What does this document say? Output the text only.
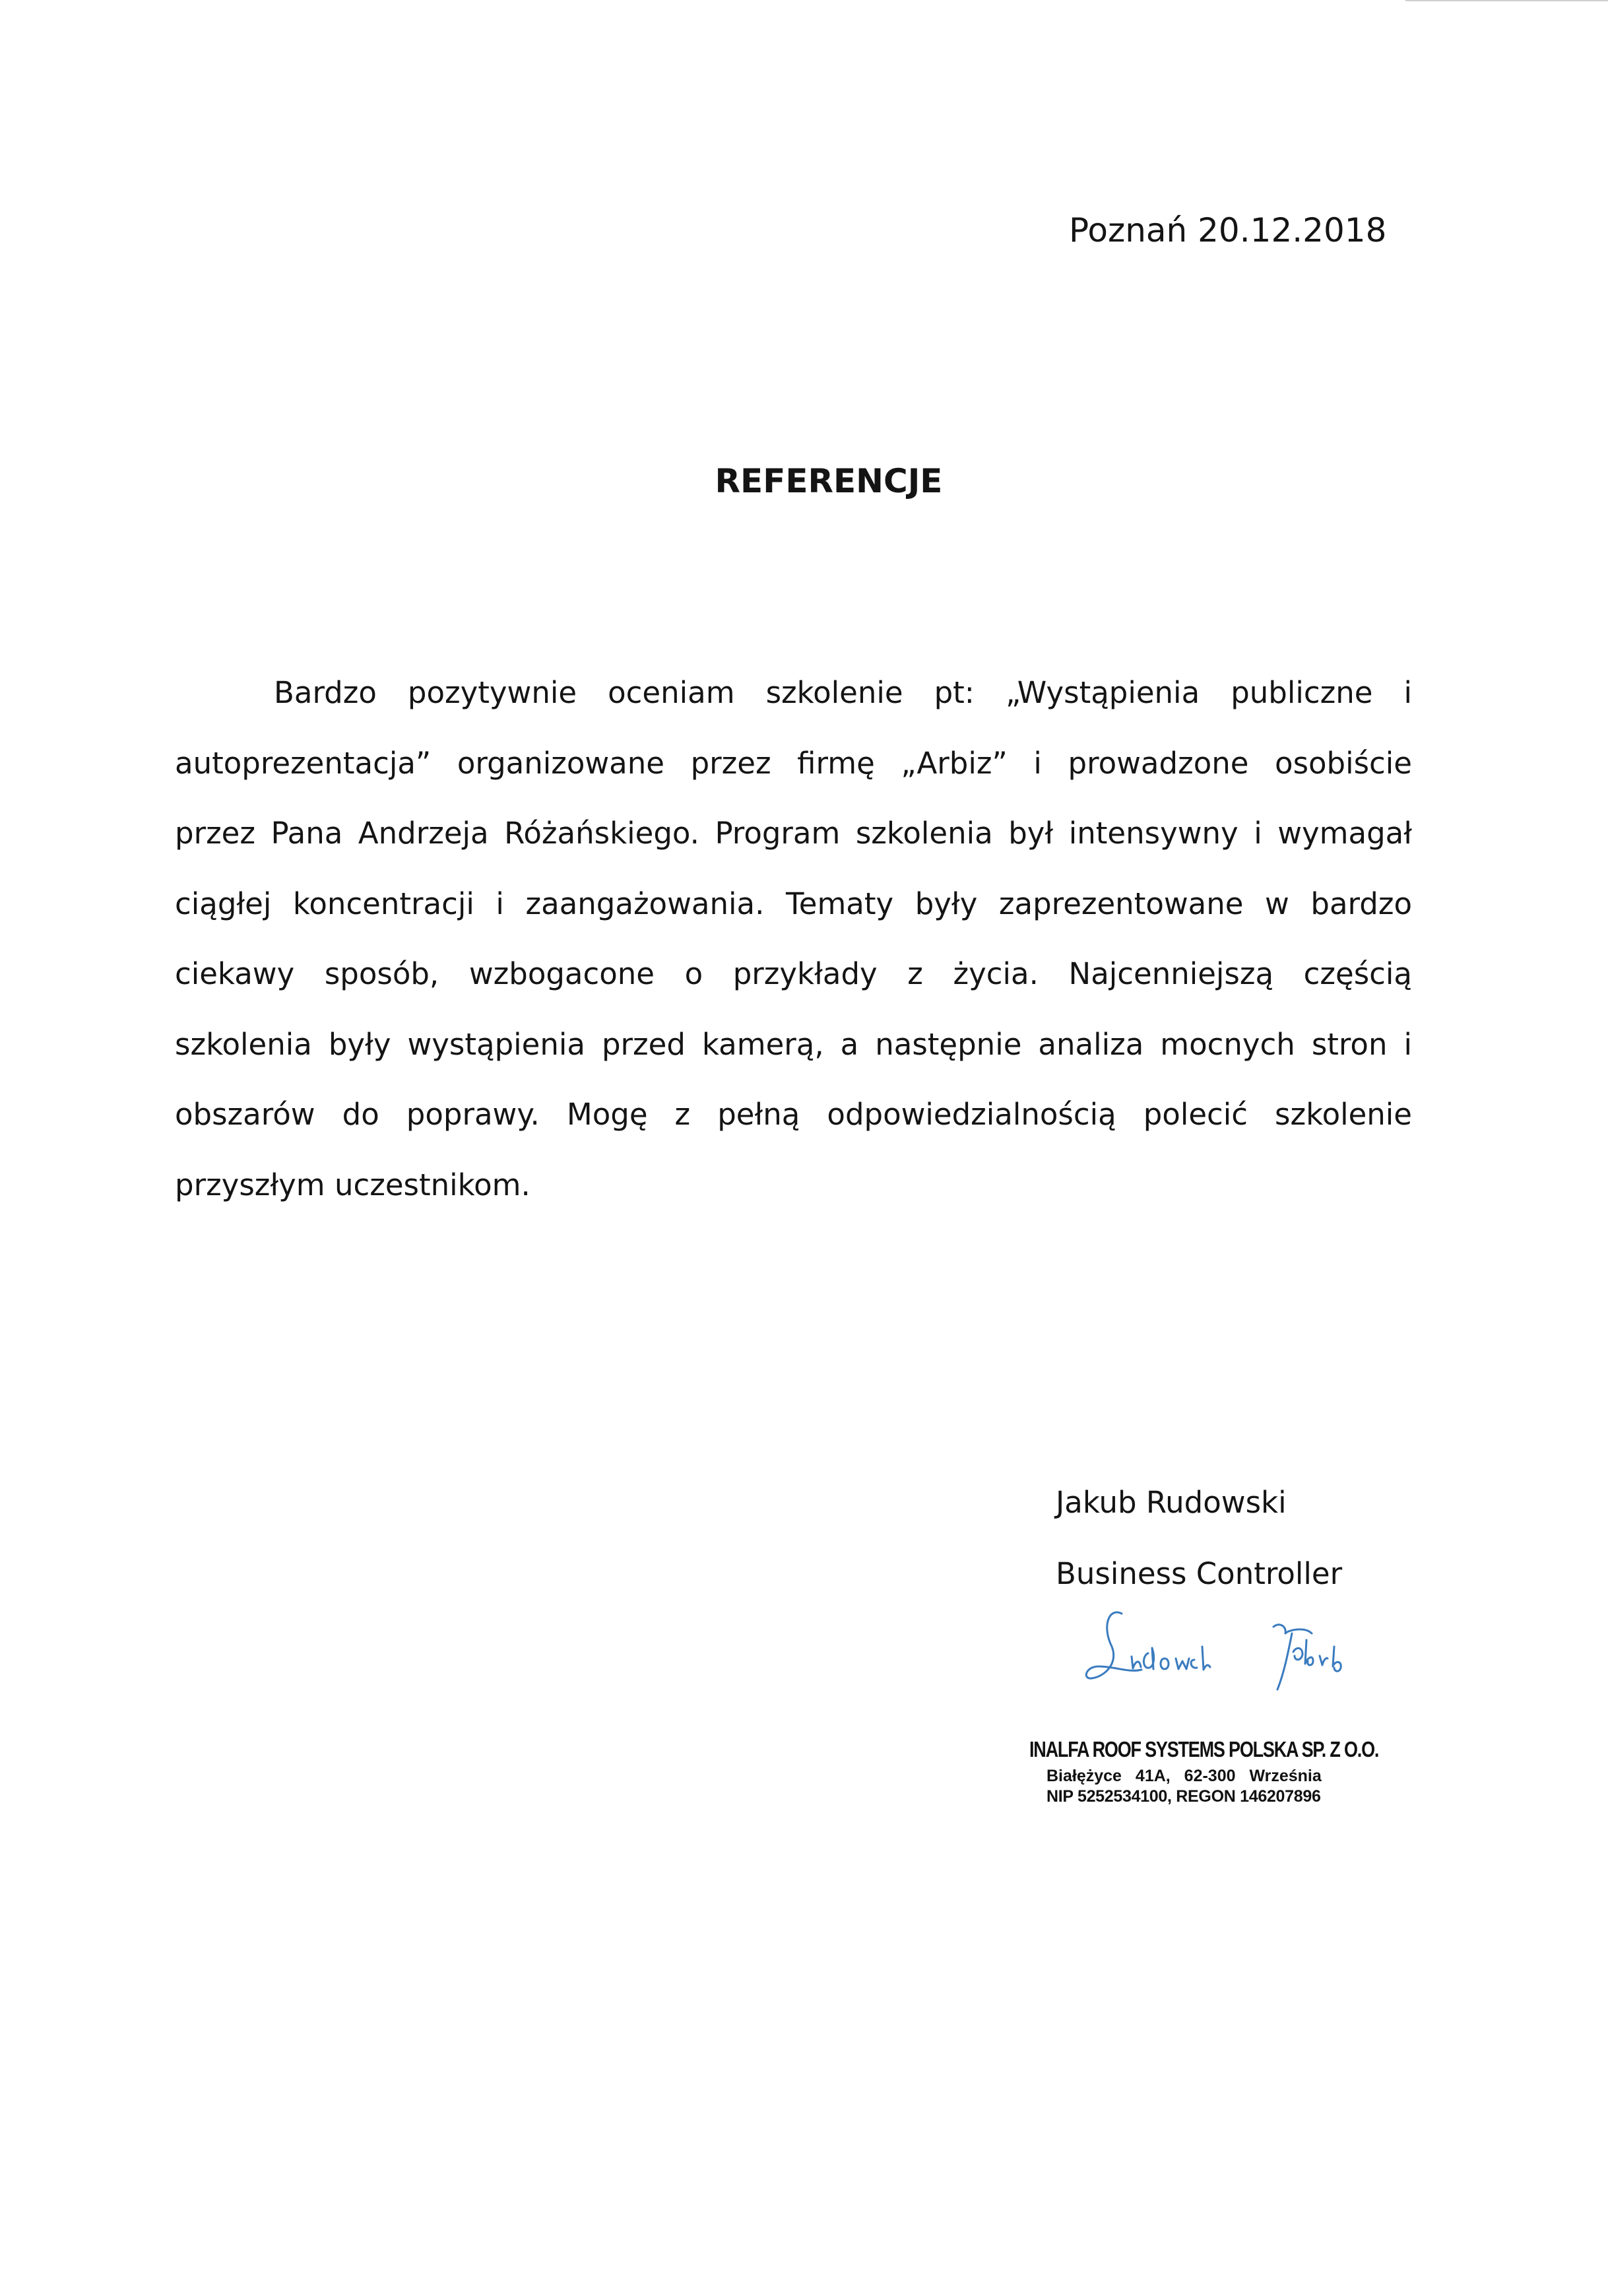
Poznań 20.12.2018
REFERENCJE
Bardzo pozytywnie oceniam szkolenie pt: „Wystąpienia publiczne i
autoprezentacja” organizowane przez firmę „Arbiz” i prowadzone osobiście
przez Pana Andrzeja Różańskiego. Program szkolenia był intensywny i wymagał
ciągłej koncentracji i zaangażowania. Tematy były zaprezentowane w bardzo
ciekawy sposób, wzbogacone o przykłady z życia. Najcenniejszą częścią
szkolenia były wystąpienia przed kamerą, a następnie analiza mocnych stron i
obszarów do poprawy. Mogę z pełną odpowiedzialnością polecić szkolenie
przyszłym uczestnikom.
Jakub Rudowski
Business Controller
INALFA ROOF SYSTEMS POLSKA SP. Z O.O.
Białężyce 41A, 62-300 Września
NIP 5252534100, REGON 146207896
